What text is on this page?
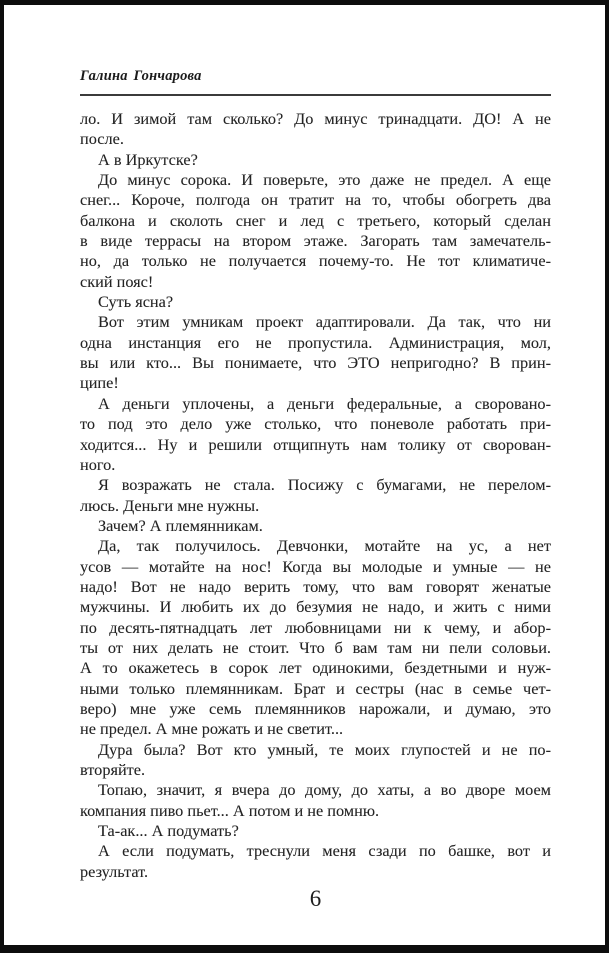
Галина Гончарова
ло. И зимой там сколько? До минус тринадцати. ДО! А не
после.
А в Иркутске?
До минус сорока. И поверьте, это даже не предел. А еще
снег... Короче, полгода он тратит на то, чтобы обогреть два
балкона и сколоть снег и лед с третьего, который сделан
в виде террасы на втором этаже. Загорать там замечатель-
но, да только не получается почему-то. Не тот климатиче-
ский пояс!
Суть ясна?
Вот этим умникам проект адаптировали. Да так, что ни
одна инстанция его не пропустила. Администрация, мол,
вы или кто... Вы понимаете, что ЭТО непригодно? В прин-
ципе!
А деньги уплочены, а деньги федеральные, а своровано-
то под это дело уже столько, что поневоле работать при-
ходится... Ну и решили отщипнуть нам толику от сворован-
ного.
Я возражать не стала. Посижу с бумагами, не перелом-
люсь. Деньги мне нужны.
Зачем? А племянникам.
Да, так получилось. Девчонки, мотайте на ус, а нет
усов — мотайте на нос! Когда вы молодые и умные — не
надо! Вот не надо верить тому, что вам говорят женатые
мужчины. И любить их до безумия не надо, и жить с ними
по десять-пятнадцать лет любовницами ни к чему, и абор-
ты от них делать не стоит. Что б вам там ни пели соловьи.
А то окажетесь в сорок лет одинокими, бездетными и нуж-
ными только племянникам. Брат и сестры (нас в семье чет-
веро) мне уже семь племянников нарожали, и думаю, это
не предел. А мне рожать и не светит...
Дура была? Вот кто умный, те моих глупостей и не по-
вторяйте.
Топаю, значит, я вчера до дому, до хаты, а во дворе моем
компания пиво пьет... А потом и не помню.
Та-ак... А подумать?
А если подумать, треснули меня сзади по башке, вот и
результат.
6
